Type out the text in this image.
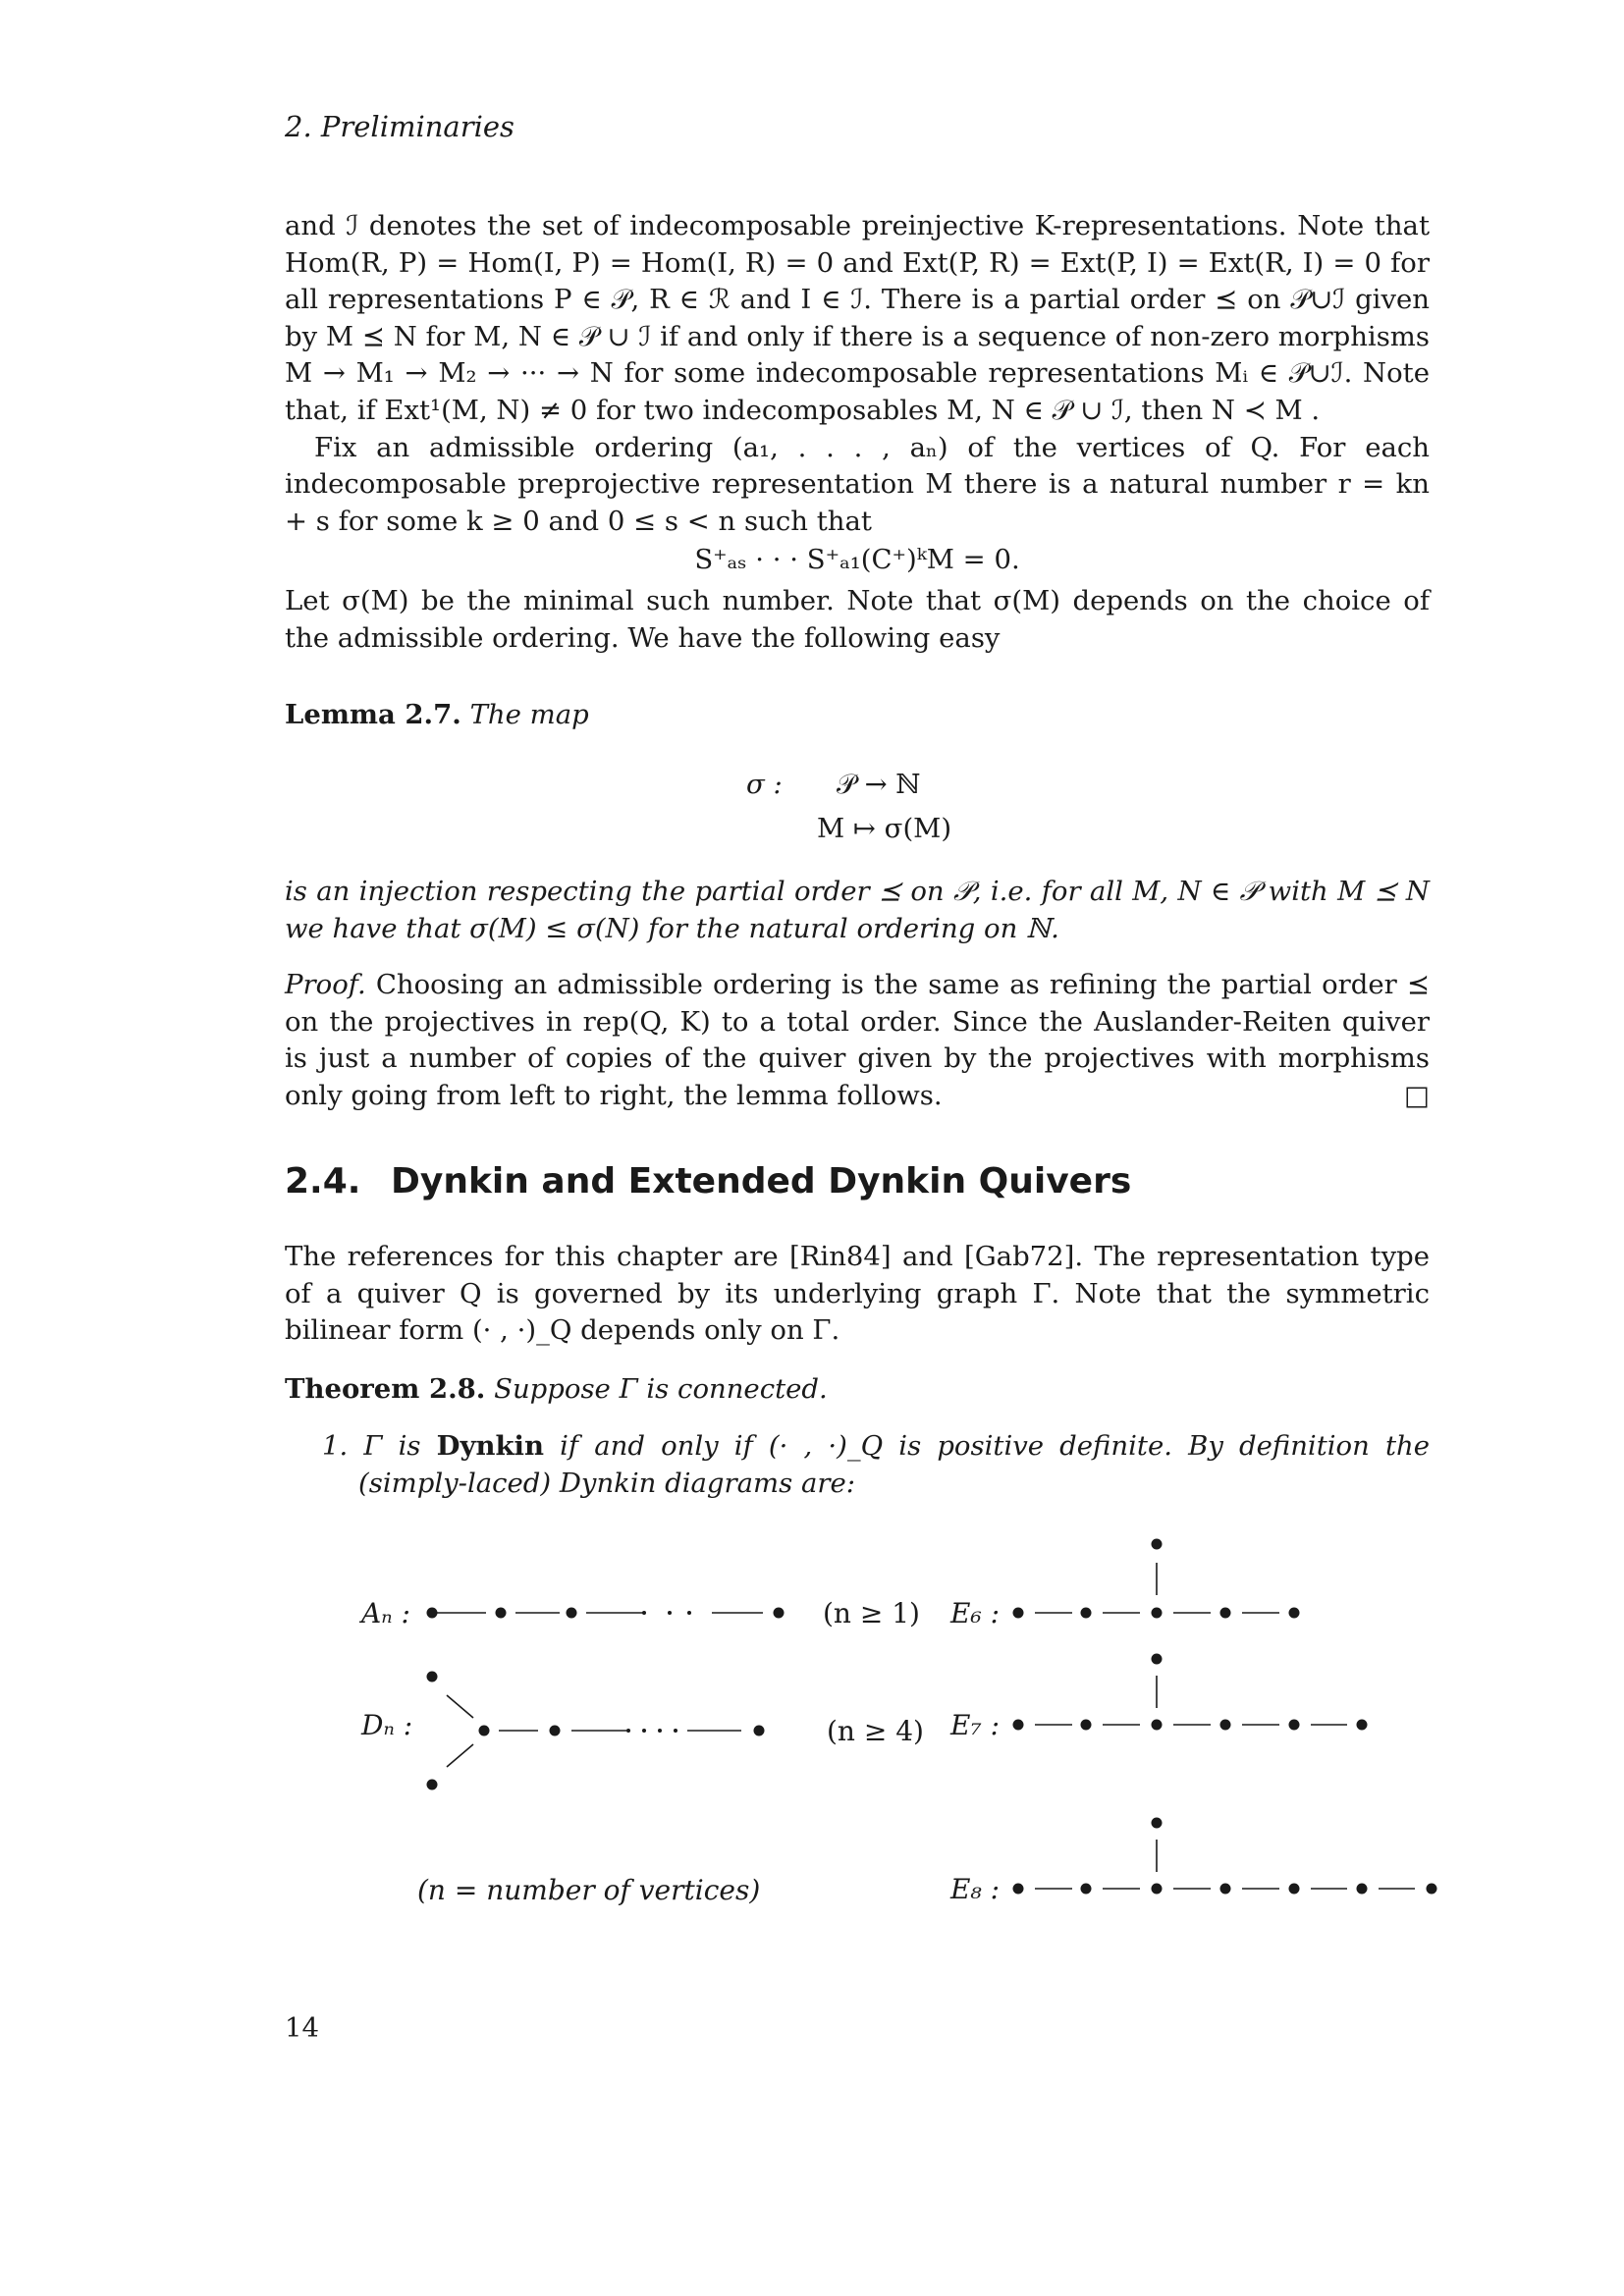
2. Preliminaries

and ℐ denotes the set of indecomposable preinjective K-representations. Note that Hom(R, P) = Hom(I, P) = Hom(I, R) = 0 and Ext(P, R) = Ext(P, I) = Ext(R, I) = 0 for all representations P ∈ 𝒫, R ∈ ℛ and I ∈ ℐ. There is a partial order ⪯ on 𝒫∪ℐ given by M ⪯ N for M, N ∈ 𝒫 ∪ ℐ if and only if there is a sequence of non-zero morphisms M → M₁ → M₂ → ··· → N for some indecomposable representations Mᵢ ∈ 𝒫∪ℐ. Note that, if Ext¹(M, N) ≠ 0 for two indecomposables M, N ∈ 𝒫 ∪ ℐ, then N ≺ M .

Fix an admissible ordering (a₁, . . . , aₙ) of the vertices of Q. For each indecomposable preprojective representation M there is a natural number r = kn + s for some k ≥ 0 and 0 ≤ s < n such that

S⁺ₐₛ · · · S⁺ₐ₁(C⁺)ᵏM = 0.

Let σ(M) be the minimal such number. Note that σ(M) depends on the choice of the admissible ordering. We have the following easy

Lemma 2.7. The map

σ :	𝒫 → ℕ
M ↦ σ(M)

is an injection respecting the partial order ⪯ on 𝒫, i.e. for all M, N ∈ 𝒫 with M ⪯ N we have that σ(M) ≤ σ(N) for the natural ordering on ℕ.

Proof. Choosing an admissible ordering is the same as refining the partial order ⪯ on the projectives in rep(Q, K) to a total order. Since the Auslander-Reiten quiver is just a number of copies of the quiver given by the projectives with morphisms only going from left to right, the lemma follows.	□

2.4. Dynkin and Extended Dynkin Quivers

The references for this chapter are [Rin84] and [Gab72]. The representation type of a quiver Q is governed by its underlying graph Γ. Note that the symmetric bilinear form (· , ·)_Q depends only on Γ.

Theorem 2.8. Suppose Γ is connected.

1. Γ is Dynkin if and only if (· , ·)_Q is positive definite. By definition the (simply-laced) Dynkin diagrams are:

Aₙ :	(n ≥ 1)
Dₙ :	(n ≥ 4)
E₆ :
E₇ :
E₈ :
(n = number of vertices)
14
